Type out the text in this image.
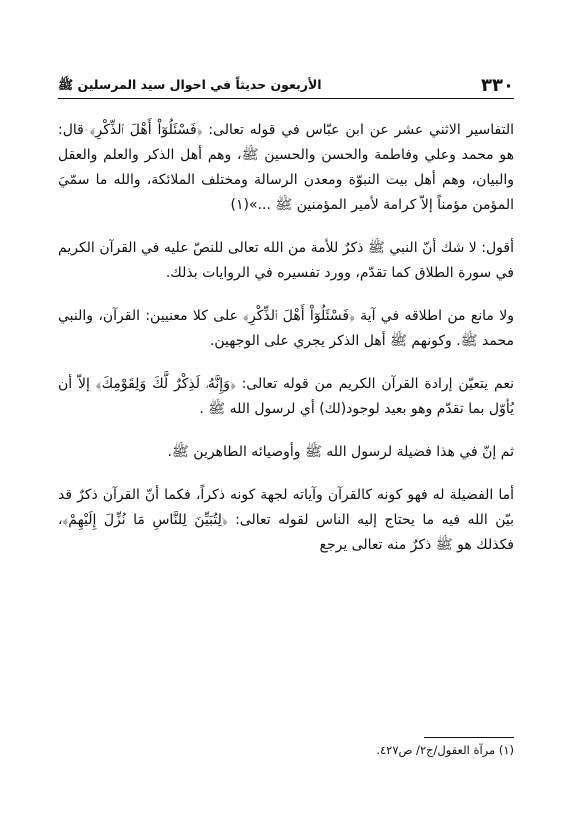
٣٣٠
الأربعون حديثاً في احوال سيد المرسلين ﷺ

التفاسير الاثني عشر عن ابن عبّاس في قوله تعالى: ﴿فَسْئَلُوٓاْ أَهْلَ ٱلذِّكْرِ﴾ قال: هو محمد وعلي وفاطمة والحسن والحسين ﷺ، وهم أهل الذكر والعلم والعقل والبيان، وهم أهل بيت النبوّة ومعدن الرسالة ومختلف الملائكة، والله ما سمّيَ المؤمن مؤمناً إلاّ كرامة لأمير المؤمنين ﷺ ...»(١)

أقول: لا شك أنّ النبي ﷺ ذكرٌ للأمة من الله تعالى للنصّ عليه في القرآن الكريم في سورة الطلاق كما تقدّم، وورد تفسيره في الروايات بذلك.

ولا مانع من اطلاقه في آية ﴿فَسْئَلُوٓاْ أَهْلَ ٱلذِّكْرِ﴾ على كلا معنيين: القرآن، والنبي محمد ﷺ. وكونهم ﷺ أهل الذكر يجري على الوجهين.

نعم يتعيّن إرادة القرآن الكريم من قوله تعالى: ﴿وَإِنَّهُۥ لَذِكْرٌ لَّكَ وَلِقَوْمِكَ﴾ إلاّ أن يُأوّل بما تقدّم وهو بعيد لوجود(لك) أي لرسول الله ﷺ .

ثم إنّ في هذا فضيلة لرسول الله ﷺ وأوصيائه الطاهرين ﷺ.

أما الفضيلة له فهو كونه كالقرآن وآياته لجهة كونه ذكراً، فكما أنّ القرآن ذكرٌ قد بيّن الله فيه ما يحتاج إليه الناس لقوله تعالى: ﴿لِتُبَيِّنَ لِلنَّاسِ مَا نُزِّلَ إِلَيْهِمْ﴾، فكذلك هو ﷺ ذكرٌ منه تعالى يرجع

(١) مرآة العقول/ج٢/ ص٤٢٧.
